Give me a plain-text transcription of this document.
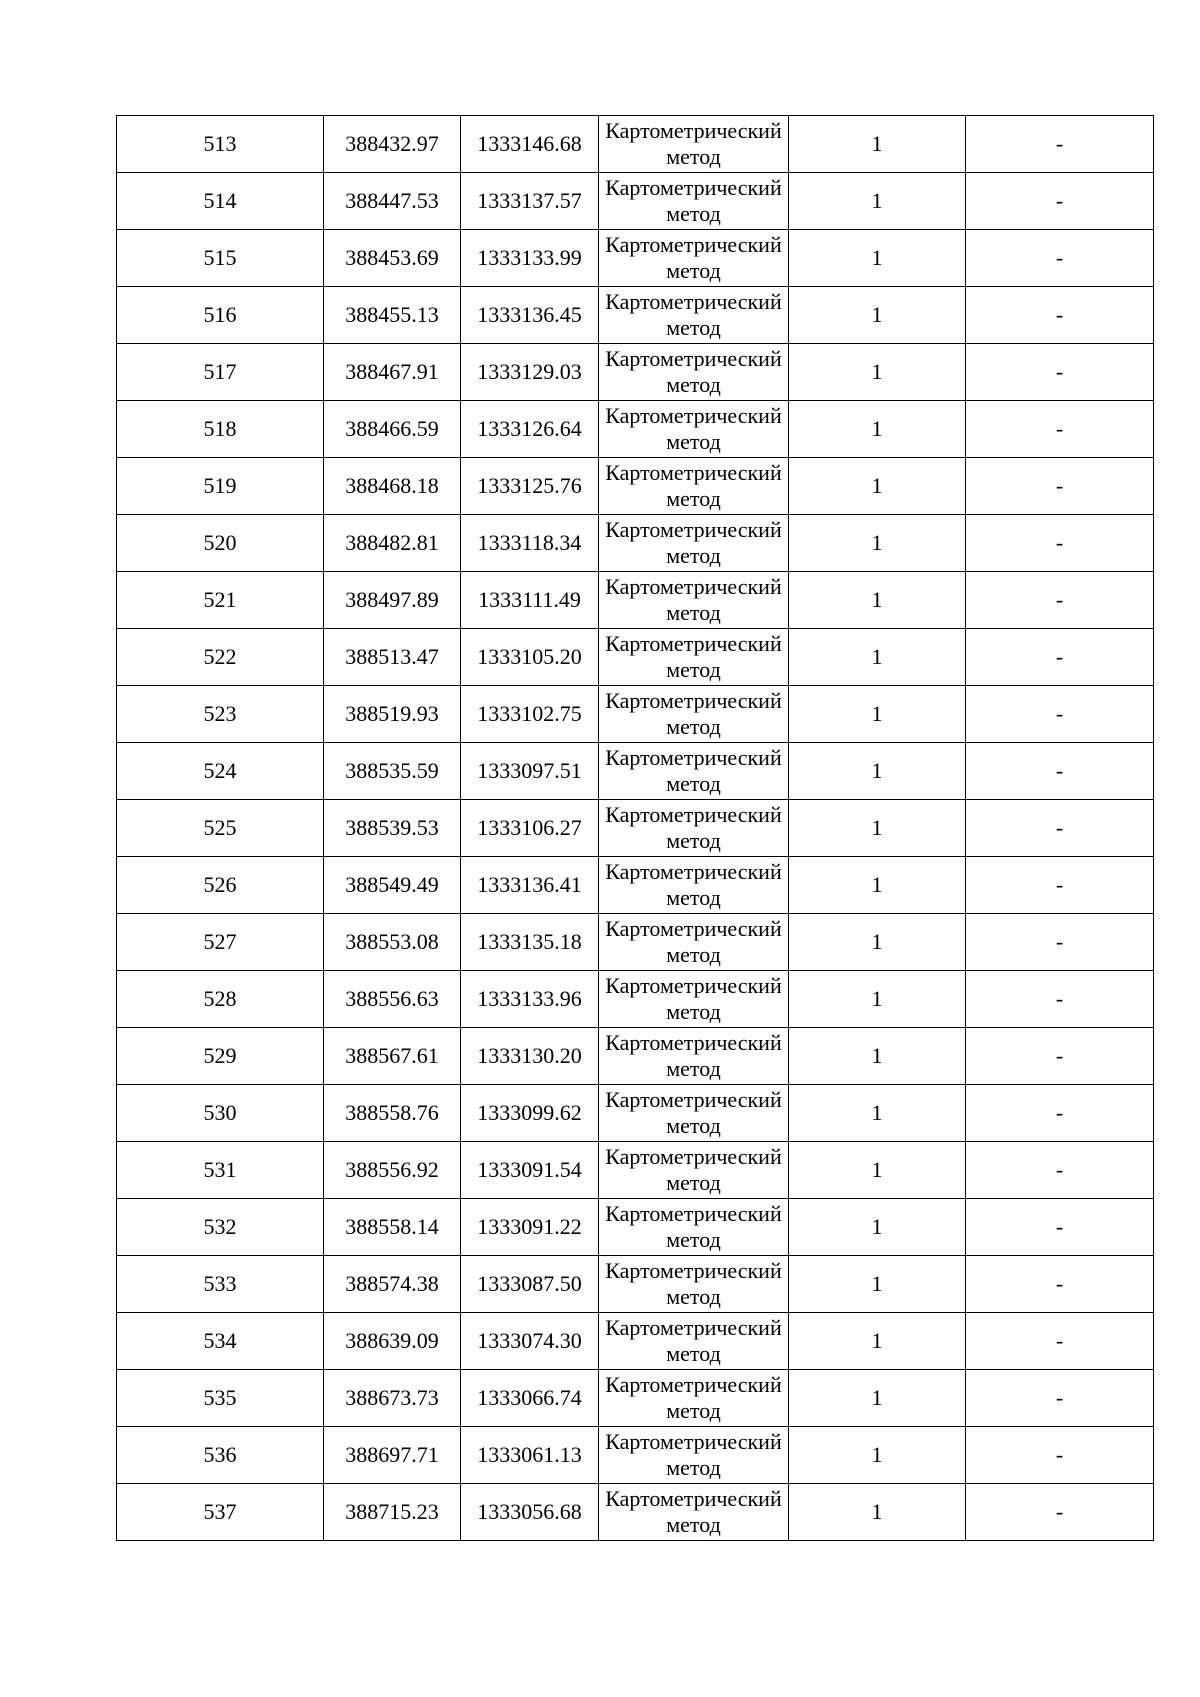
513	388432.97	1333146.68	Картометрический метод	1	-
514	388447.53	1333137.57	Картометрический метод	1	-
515	388453.69	1333133.99	Картометрический метод	1	-
516	388455.13	1333136.45	Картометрический метод	1	-
517	388467.91	1333129.03	Картометрический метод	1	-
518	388466.59	1333126.64	Картометрический метод	1	-
519	388468.18	1333125.76	Картометрический метод	1	-
520	388482.81	1333118.34	Картометрический метод	1	-
521	388497.89	1333111.49	Картометрический метод	1	-
522	388513.47	1333105.20	Картометрический метод	1	-
523	388519.93	1333102.75	Картометрический метод	1	-
524	388535.59	1333097.51	Картометрический метод	1	-
525	388539.53	1333106.27	Картометрический метод	1	-
526	388549.49	1333136.41	Картометрический метод	1	-
527	388553.08	1333135.18	Картометрический метод	1	-
528	388556.63	1333133.96	Картометрический метод	1	-
529	388567.61	1333130.20	Картометрический метод	1	-
530	388558.76	1333099.62	Картометрический метод	1	-
531	388556.92	1333091.54	Картометрический метод	1	-
532	388558.14	1333091.22	Картометрический метод	1	-
533	388574.38	1333087.50	Картометрический метод	1	-
534	388639.09	1333074.30	Картометрический метод	1	-
535	388673.73	1333066.74	Картометрический метод	1	-
536	388697.71	1333061.13	Картометрический метод	1	-
537	388715.23	1333056.68	Картометрический метод	1	-
